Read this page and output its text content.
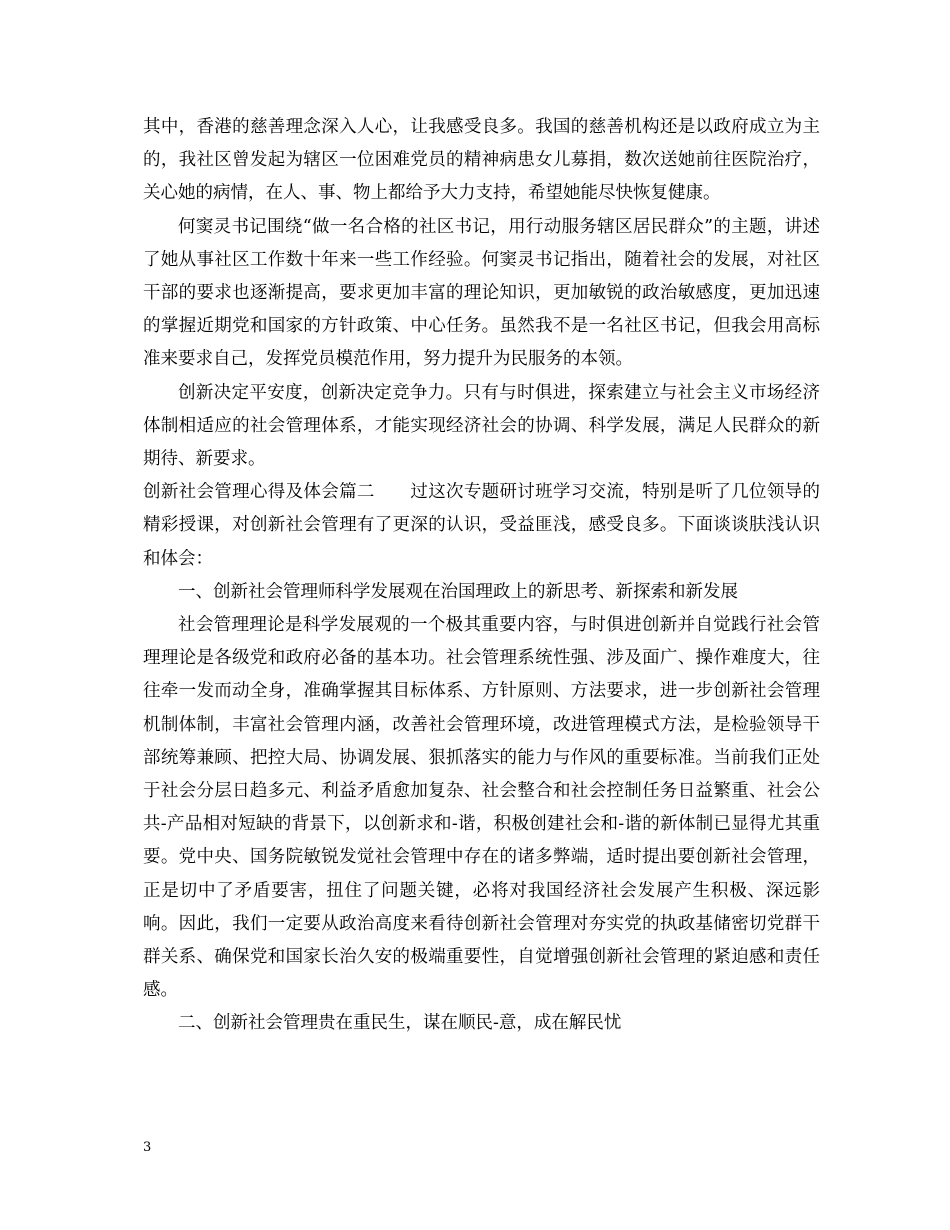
其中，香港的慈善理念深入人心，让我感受良多。我国的慈善机构还是以政府成立为主的，我社区曾发起为辖区一位困难党员的精神病患女儿募捐，数次送她前往医院治疗，关心她的病情，在人、事、物上都给予大力支持，希望她能尽快恢复健康。

何窦灵书记围绕“做一名合格的社区书记，用行动服务辖区居民群众”的主题，讲述了她从事社区工作数十年来一些工作经验。何窦灵书记指出，随着社会的发展，对社区干部的要求也逐渐提高，要求更加丰富的理论知识，更加敏锐的政治敏感度，更加迅速的掌握近期党和国家的方针政策、中心任务。虽然我不是一名社区书记，但我会用高标准来要求自己，发挥党员模范作用，努力提升为民服务的本领。

创新决定平安度，创新决定竞争力。只有与时俱进，探索建立与社会主义市场经济体制相适应的社会管理体系，才能实现经济社会的协调、科学发展，满足人民群众的新期待、新要求。

创新社会管理心得及体会篇二　　过这次专题研讨班学习交流，特别是听了几位领导的精彩授课，对创新社会管理有了更深的认识，受益匪浅，感受良多。下面谈谈肤浅认识和体会：

一、创新社会管理师科学发展观在治国理政上的新思考、新探索和新发展

社会管理理论是科学发展观的一个极其重要内容，与时俱进创新并自觉践行社会管理理论是各级党和政府必备的基本功。社会管理系统性强、涉及面广、操作难度大，往往牵一发而动全身，准确掌握其目标体系、方针原则、方法要求，进一步创新社会管理机制体制，丰富社会管理内涵，改善社会管理环境，改进管理模式方法，是检验领导干部统筹兼顾、把控大局、协调发展、狠抓落实的能力与作风的重要标准。当前我们正处于社会分层日趋多元、利益矛盾愈加复杂、社会整合和社会控制任务日益繁重、社会公共-产品相对短缺的背景下，以创新求和-谐，积极创建社会和-谐的新体制已显得尤其重要。党中央、国务院敏锐发觉社会管理中存在的诸多弊端，适时提出要创新社会管理，正是切中了矛盾要害，扭住了问题关键，必将对我国经济社会发展产生积极、深远影响。因此，我们一定要从政治高度来看待创新社会管理对夯实党的执政基储密切党群干群关系、确保党和国家长治久安的极端重要性，自觉增强创新社会管理的紧迫感和责任感。

二、创新社会管理贵在重民生，谋在顺民-意，成在解民忧

3
